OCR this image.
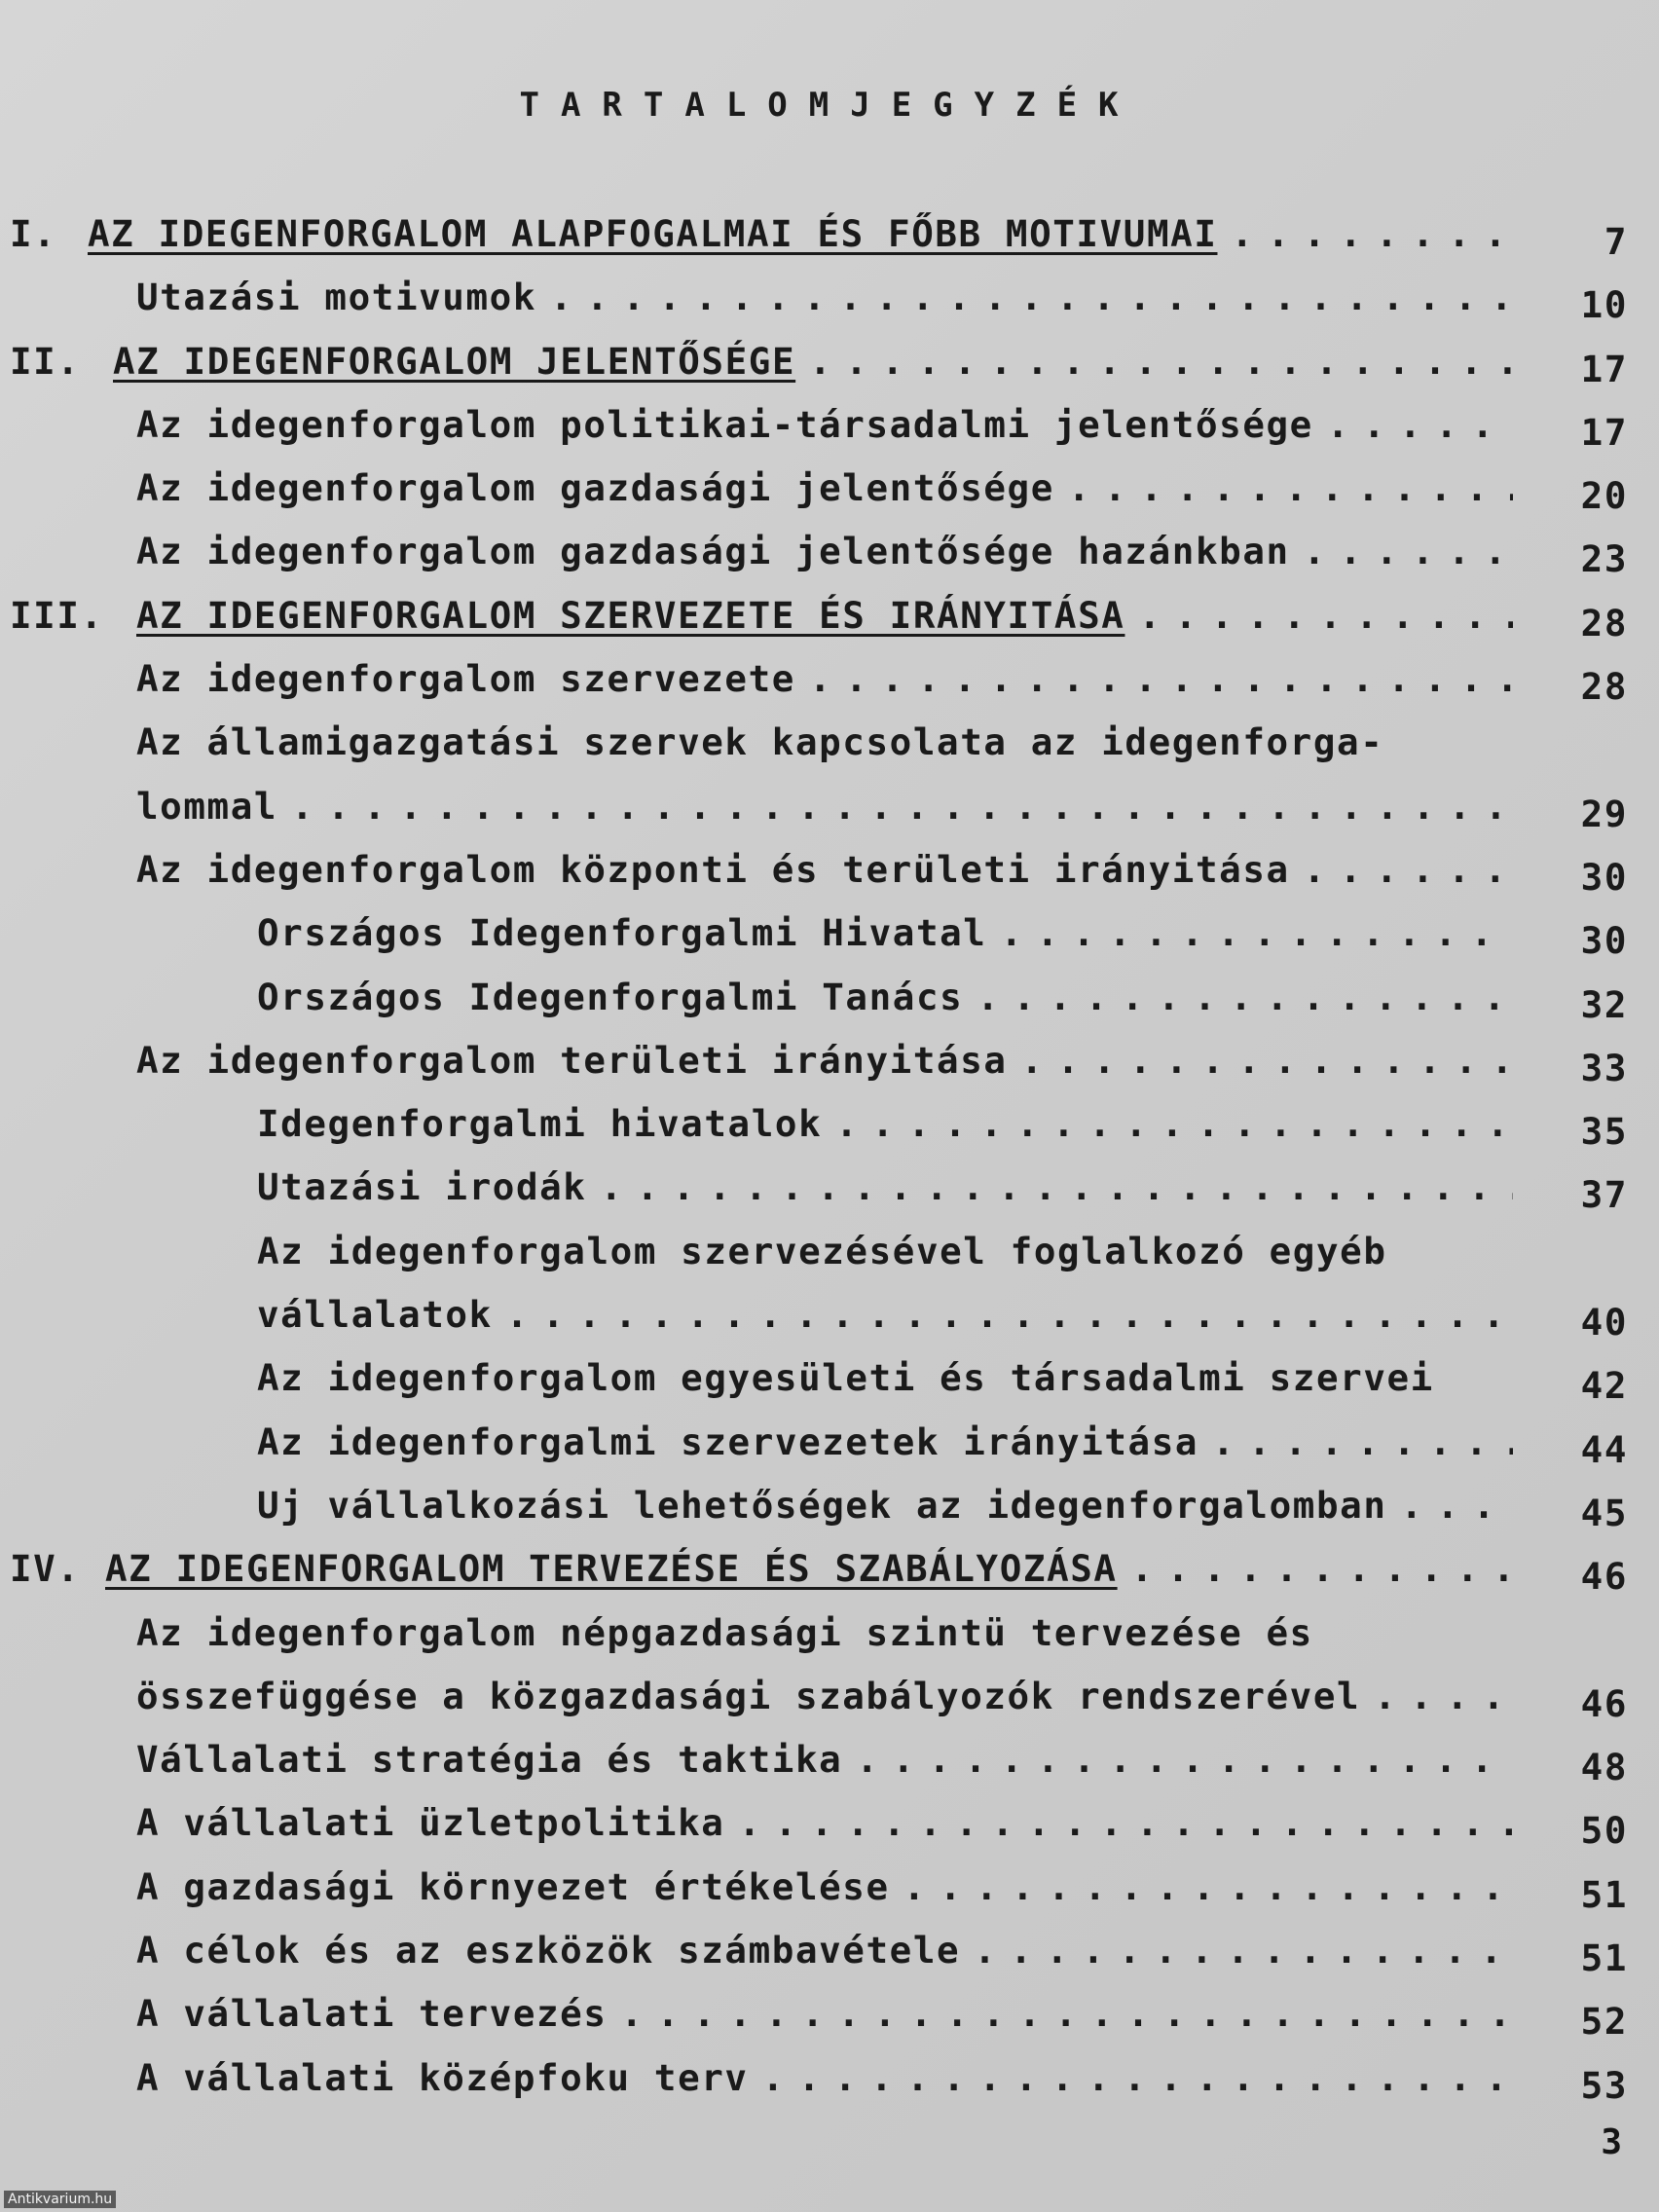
TARTALOMJEGYZÉK
I. AZ IDEGENFORGALOM ALAPFOGALMAI ÉS FŐBB MOTIVUMAI . . .	7
Utazási motivumok . . .	10
II. AZ IDEGENFORGALOM JELENTŐSÉGE . . .	17
Az idegenforgalom politikai-társadalmi jelentősége . . .	17
Az idegenforgalom gazdasági jelentősége . . .	20
Az idegenforgalom gazdasági jelentősége hazánkban . . .	23
III. AZ IDEGENFORGALOM SZERVEZETE ÉS IRÁNYITÁSA . . .	28
Az idegenforgalom szervezete . . .	28
Az államigazgatási szervek kapcsolata az idegenforga-
lommal . . .	29
Az idegenforgalom központi és területi irányitása . . .	30
Országos Idegenforgalmi Hivatal . . .	30
Országos Idegenforgalmi Tanács . . .	32
Az idegenforgalom területi irányitása . . .	33
Idegenforgalmi hivatalok . . .	35
Utazási irodák . . .	37
Az idegenforgalom szervezésével foglalkozó egyéb
vállalatok . . .	40
Az idegenforgalom egyesületi és társadalmi szervei	42
Az idegenforgalmi szervezetek irányitása . . .	44
Uj vállalkozási lehetőségek az idegenforgalomban . . .	45
IV. AZ IDEGENFORGALOM TERVEZÉSE ÉS SZABÁLYOZÁSA . . .	46
Az idegenforgalom népgazdasági szintü tervezése és
összefüggése a közgazdasági szabályozók rendszerével . . .	46
Vállalati stratégia és taktika . . .	48
A vállalati üzletpolitika . . .	50
A gazdasági környezet értékelése . . .	51
A célok és az eszközök számbavétele . . .	51
A vállalati tervezés . . .	52
A vállalati középfoku terv . . .	53
3
Antikvarium.hu
